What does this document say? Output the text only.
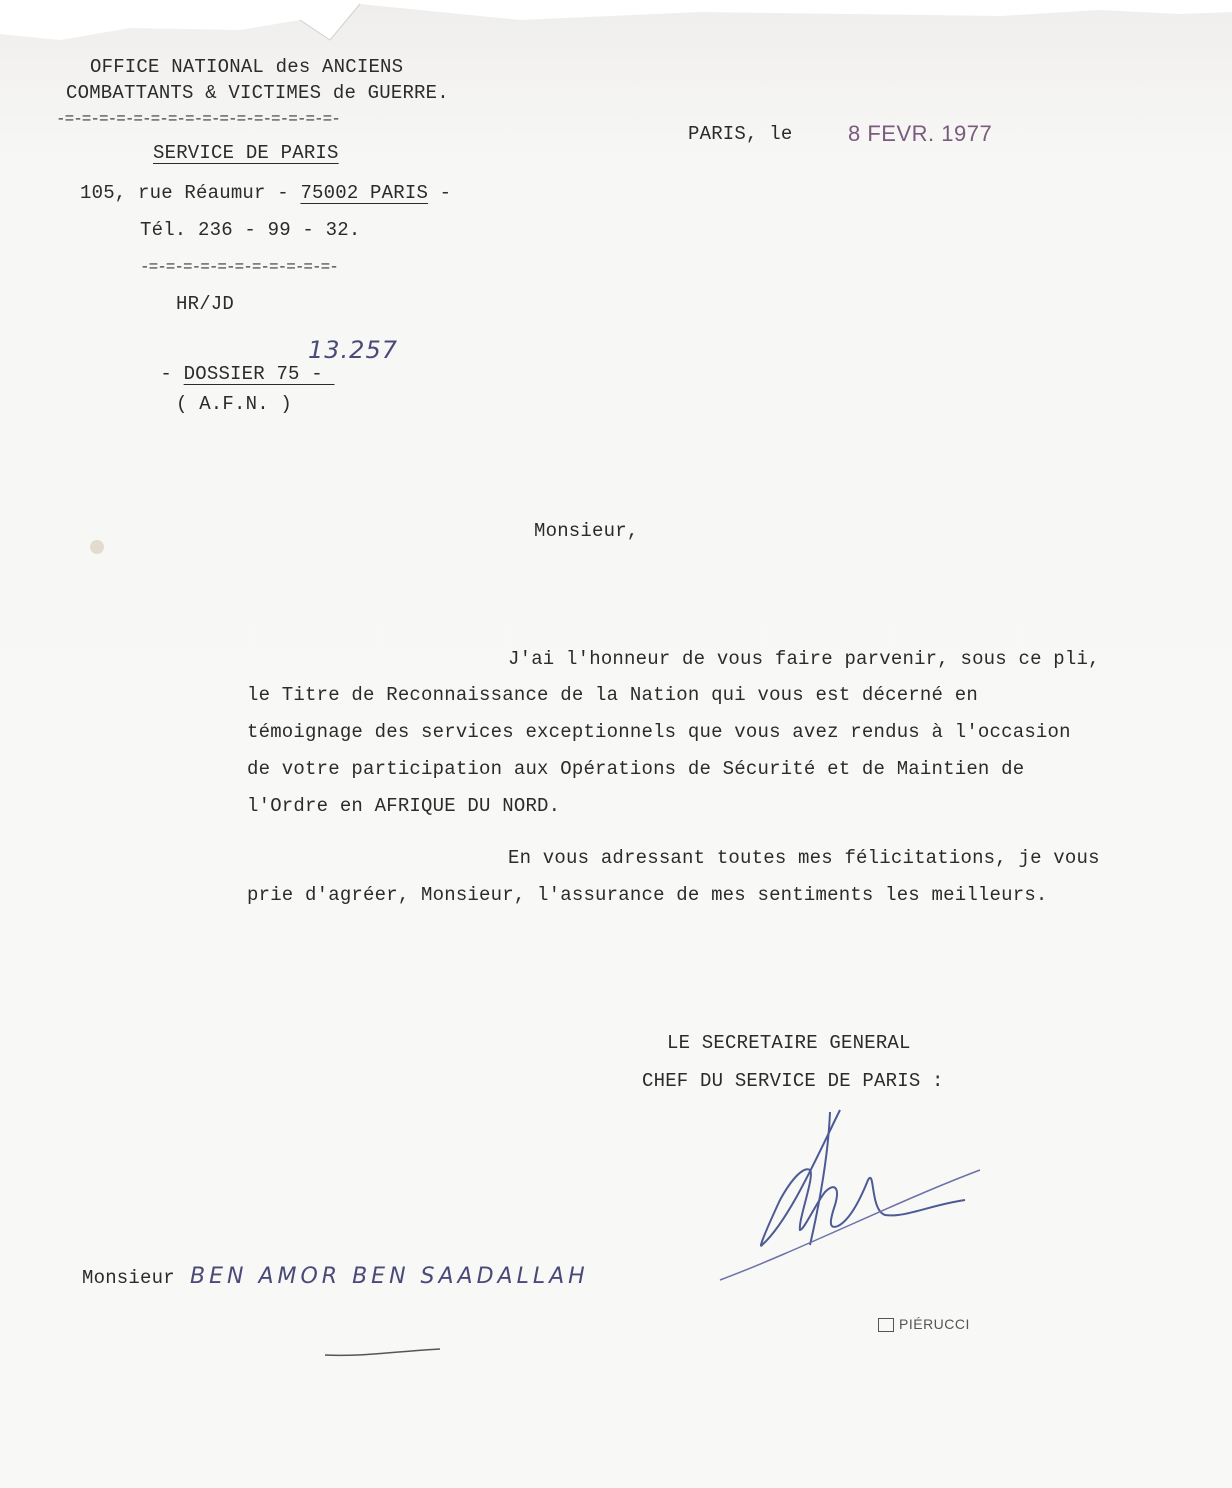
OFFICE NATIONAL des ANCIENS
COMBATTANTS & VICTIMES de GUERRE.
-=-=-=-=-=-=-=-=-=-=-=-=-=-=-=-=-
SERVICE DE PARIS
105, rue Réaumur - 75002 PARIS -
Tél. 236 - 99 - 32.
-=-=-=-=-=-=-=-=-=-=-=-
HR/JD

- DOSSIER 75 -

13.257
( A.F.N. )
PARIS, le	8 FEVR. 1977
Monsieur,
J'ai l'honneur de vous faire parvenir, sous ce pli,
le Titre de Reconnaissance de la Nation qui vous est décerné en
témoignage des services exceptionnels que vous avez rendus à l'occasion
de votre participation aux Opérations de Sécurité et de Maintien de
l'Ordre en AFRIQUE DU NORD.
En vous adressant toutes mes félicitations, je vous
prie d'agréer, Monsieur, l'assurance de mes sentiments les meilleurs.
LE SECRETAIRE GENERAL
CHEF DU SERVICE DE PARIS :
Monsieur BEN AMOR BEN SAADALLAH
PIÉRUCCI
